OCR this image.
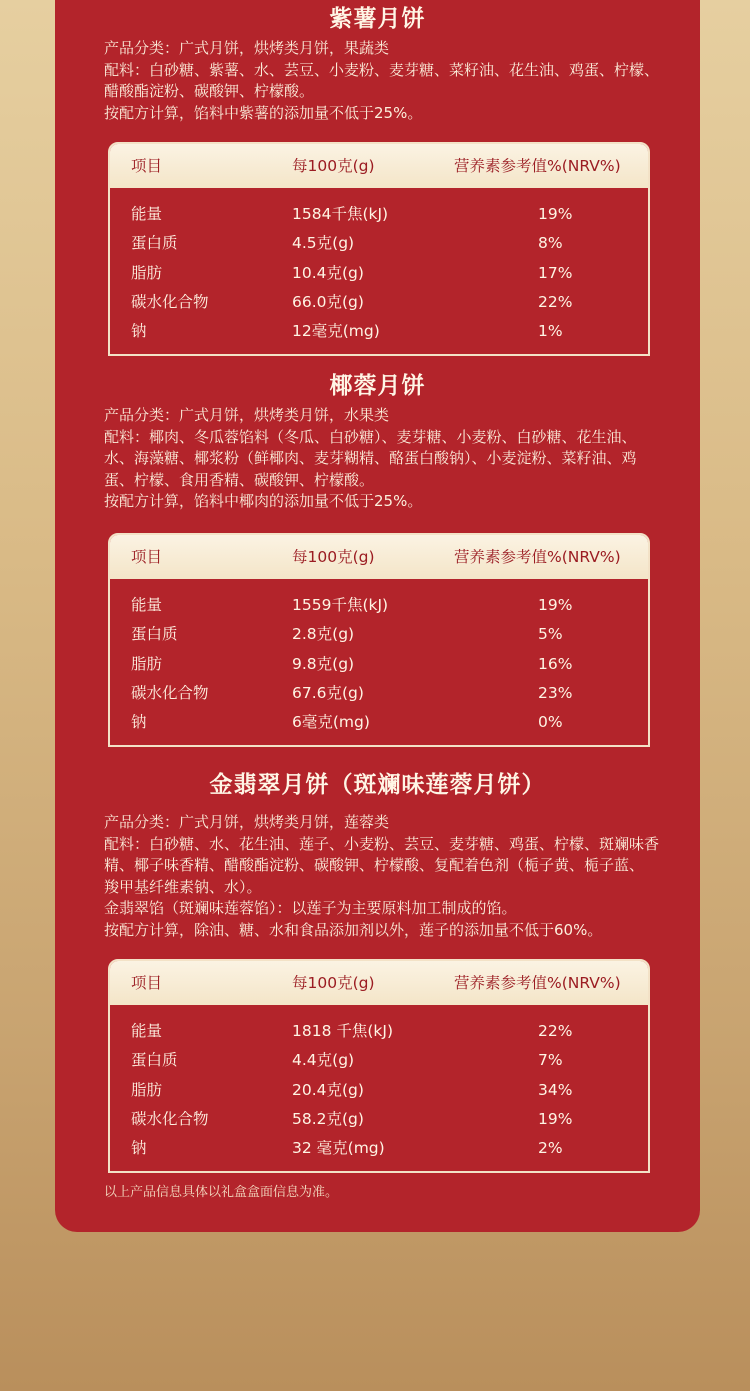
紫薯月饼
产品分类：广式月饼，烘烤类月饼，果蔬类
配料：白砂糖、紫薯、水、芸豆、小麦粉、麦芽糖、菜籽油、花生油、鸡蛋、柠檬、
醋酸酯淀粉、碳酸钾、柠檬酸。
按配方计算，馅料中紫薯的添加量不低于25%。
项目	每100克(g)	营养素参考值%(NRV%)
能量	1584千焦(kJ)	19%
蛋白质	4.5克(g)	8%
脂肪	10.4克(g)	17%
碳水化合物	66.0克(g)	22%
钠	12毫克(mg)	1%
椰蓉月饼
产品分类：广式月饼，烘烤类月饼，水果类
配料：椰肉、冬瓜蓉馅料（冬瓜、白砂糖）、麦芽糖、小麦粉、白砂糖、花生油、
水、海藻糖、椰浆粉（鲜椰肉、麦芽糊精、酪蛋白酸钠）、小麦淀粉、菜籽油、鸡
蛋、柠檬、食用香精、碳酸钾、柠檬酸。
按配方计算，馅料中椰肉的添加量不低于25%。
项目	每100克(g)	营养素参考值%(NRV%)
能量	1559千焦(kJ)	19%
蛋白质	2.8克(g)	5%
脂肪	9.8克(g)	16%
碳水化合物	67.6克(g)	23%
钠	6毫克(mg)	0%
金翡翠月饼（斑斓味莲蓉月饼）
产品分类：广式月饼，烘烤类月饼，莲蓉类
配料：白砂糖、水、花生油、莲子、小麦粉、芸豆、麦芽糖、鸡蛋、柠檬、斑斓味香
精、椰子味香精、醋酸酯淀粉、碳酸钾、柠檬酸、复配着色剂（栀子黄、栀子蓝、
羧甲基纤维素钠、水）。
金翡翠馅（斑斓味莲蓉馅）：以莲子为主要原料加工制成的馅。
按配方计算，除油、糖、水和食品添加剂以外，莲子的添加量不低于60%。
项目	每100克(g)	营养素参考值%(NRV%)
能量	1818 千焦(kJ)	22%
蛋白质	4.4克(g)	7%
脂肪	20.4克(g)	34%
碳水化合物	58.2克(g)	19%
钠	32 毫克(mg)	2%
以上产品信息具体以礼盒盒面信息为准。
